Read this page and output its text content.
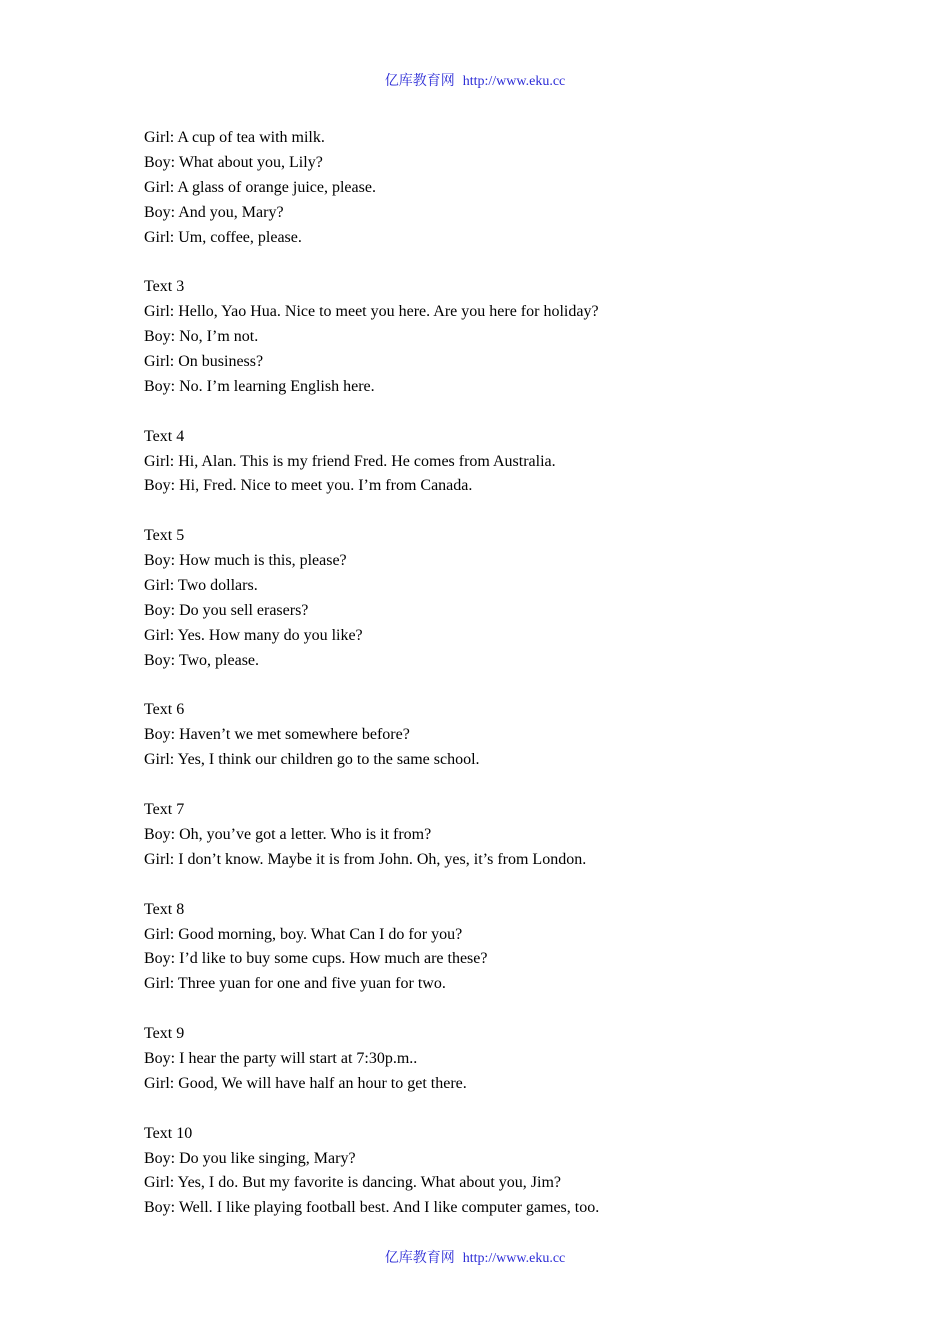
亿库教育网 http://www.eku.cc
Girl: A cup of tea with milk.
Boy: What about you, Lily?
Girl: A glass of orange juice, please.
Boy: And you, Mary?
Girl: Um, coffee, please.
Text 3
Girl: Hello, Yao Hua. Nice to meet you here. Are you here for holiday?
Boy: No, I’m not.
Girl: On business?
Boy: No. I’m learning English here.
Text 4
Girl: Hi, Alan. This is my friend Fred. He comes from Australia.
Boy: Hi, Fred. Nice to meet you. I’m from Canada.
Text 5
Boy: How much is this, please?
Girl: Two dollars.
Boy: Do you sell erasers?
Girl: Yes. How many do you like?
Boy: Two, please.
Text 6
Boy: Haven’t we met somewhere before?
Girl: Yes, I think our children go to the same school.
Text 7
Boy: Oh, you’ve got a letter. Who is it from?
Girl: I don’t know. Maybe it is from John. Oh, yes, it’s from London.
Text 8
Girl: Good morning, boy. What Can I do for you?
Boy: I’d like to buy some cups. How much are these?
Girl: Three yuan for one and five yuan for two.
Text 9
Boy: I hear the party will start at 7:30p.m..
Girl: Good, We will have half an hour to get there.
Text 10
Boy: Do you like singing, Mary?
Girl: Yes, I do. But my favorite is dancing. What about you, Jim?
Boy: Well. I like playing football best. And I like computer games, too.
亿库教育网 http://www.eku.cc
